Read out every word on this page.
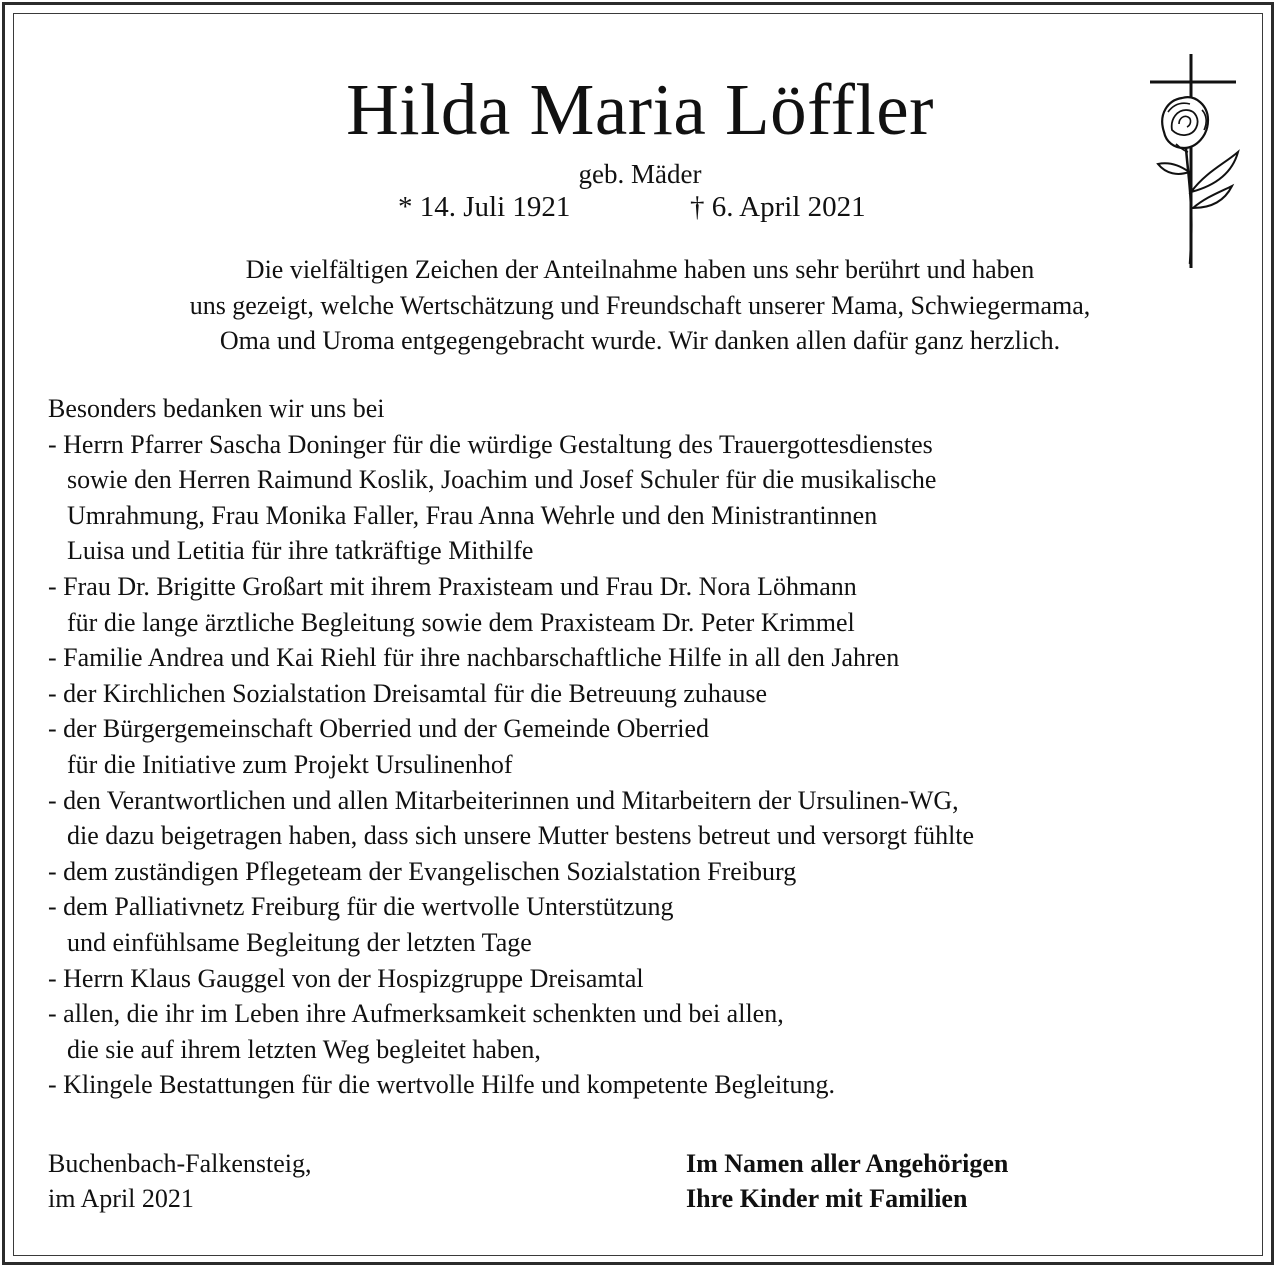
Hilda Maria Löffler
geb. Mäder
* 14. Juli 1921	† 6. April 2021
Die vielfältigen Zeichen der Anteilnahme haben uns sehr berührt und haben
uns gezeigt, welche Wertschätzung und Freundschaft unserer Mama, Schwiegermama,
Oma und Uroma entgegengebracht wurde. Wir danken allen dafür ganz herzlich.
Besonders bedanken wir uns bei
- Herrn Pfarrer Sascha Doninger für die würdige Gestaltung des Trauergottesdienstes
sowie den Herren Raimund Koslik, Joachim und Josef Schuler für die musikalische
Umrahmung, Frau Monika Faller, Frau Anna Wehrle und den Ministrantinnen
Luisa und Letitia für ihre tatkräftige Mithilfe
- Frau Dr. Brigitte Großart mit ihrem Praxisteam und Frau Dr. Nora Löhmann
für die lange ärztliche Begleitung sowie dem Praxisteam Dr. Peter Krimmel
- Familie Andrea und Kai Riehl für ihre nachbarschaftliche Hilfe in all den Jahren
- der Kirchlichen Sozialstation Dreisamtal für die Betreuung zuhause
- der Bürgergemeinschaft Oberried und der Gemeinde Oberried
für die Initiative zum Projekt Ursulinenhof
- den Verantwortlichen und allen Mitarbeiterinnen und Mitarbeitern der Ursulinen-WG,
die dazu beigetragen haben, dass sich unsere Mutter bestens betreut und versorgt fühlte
- dem zuständigen Pflegeteam der Evangelischen Sozialstation Freiburg
- dem Palliativnetz Freiburg für die wertvolle Unterstützung
und einfühlsame Begleitung der letzten Tage
- Herrn Klaus Gauggel von der Hospizgruppe Dreisamtal
- allen, die ihr im Leben ihre Aufmerksamkeit schenkten und bei allen,
die sie auf ihrem letzten Weg begleitet haben,
- Klingele Bestattungen für die wertvolle Hilfe und kompetente Begleitung.
Buchenbach-Falkensteig,
im April 2021
Im Namen aller Angehörigen
Ihre Kinder mit Familien
